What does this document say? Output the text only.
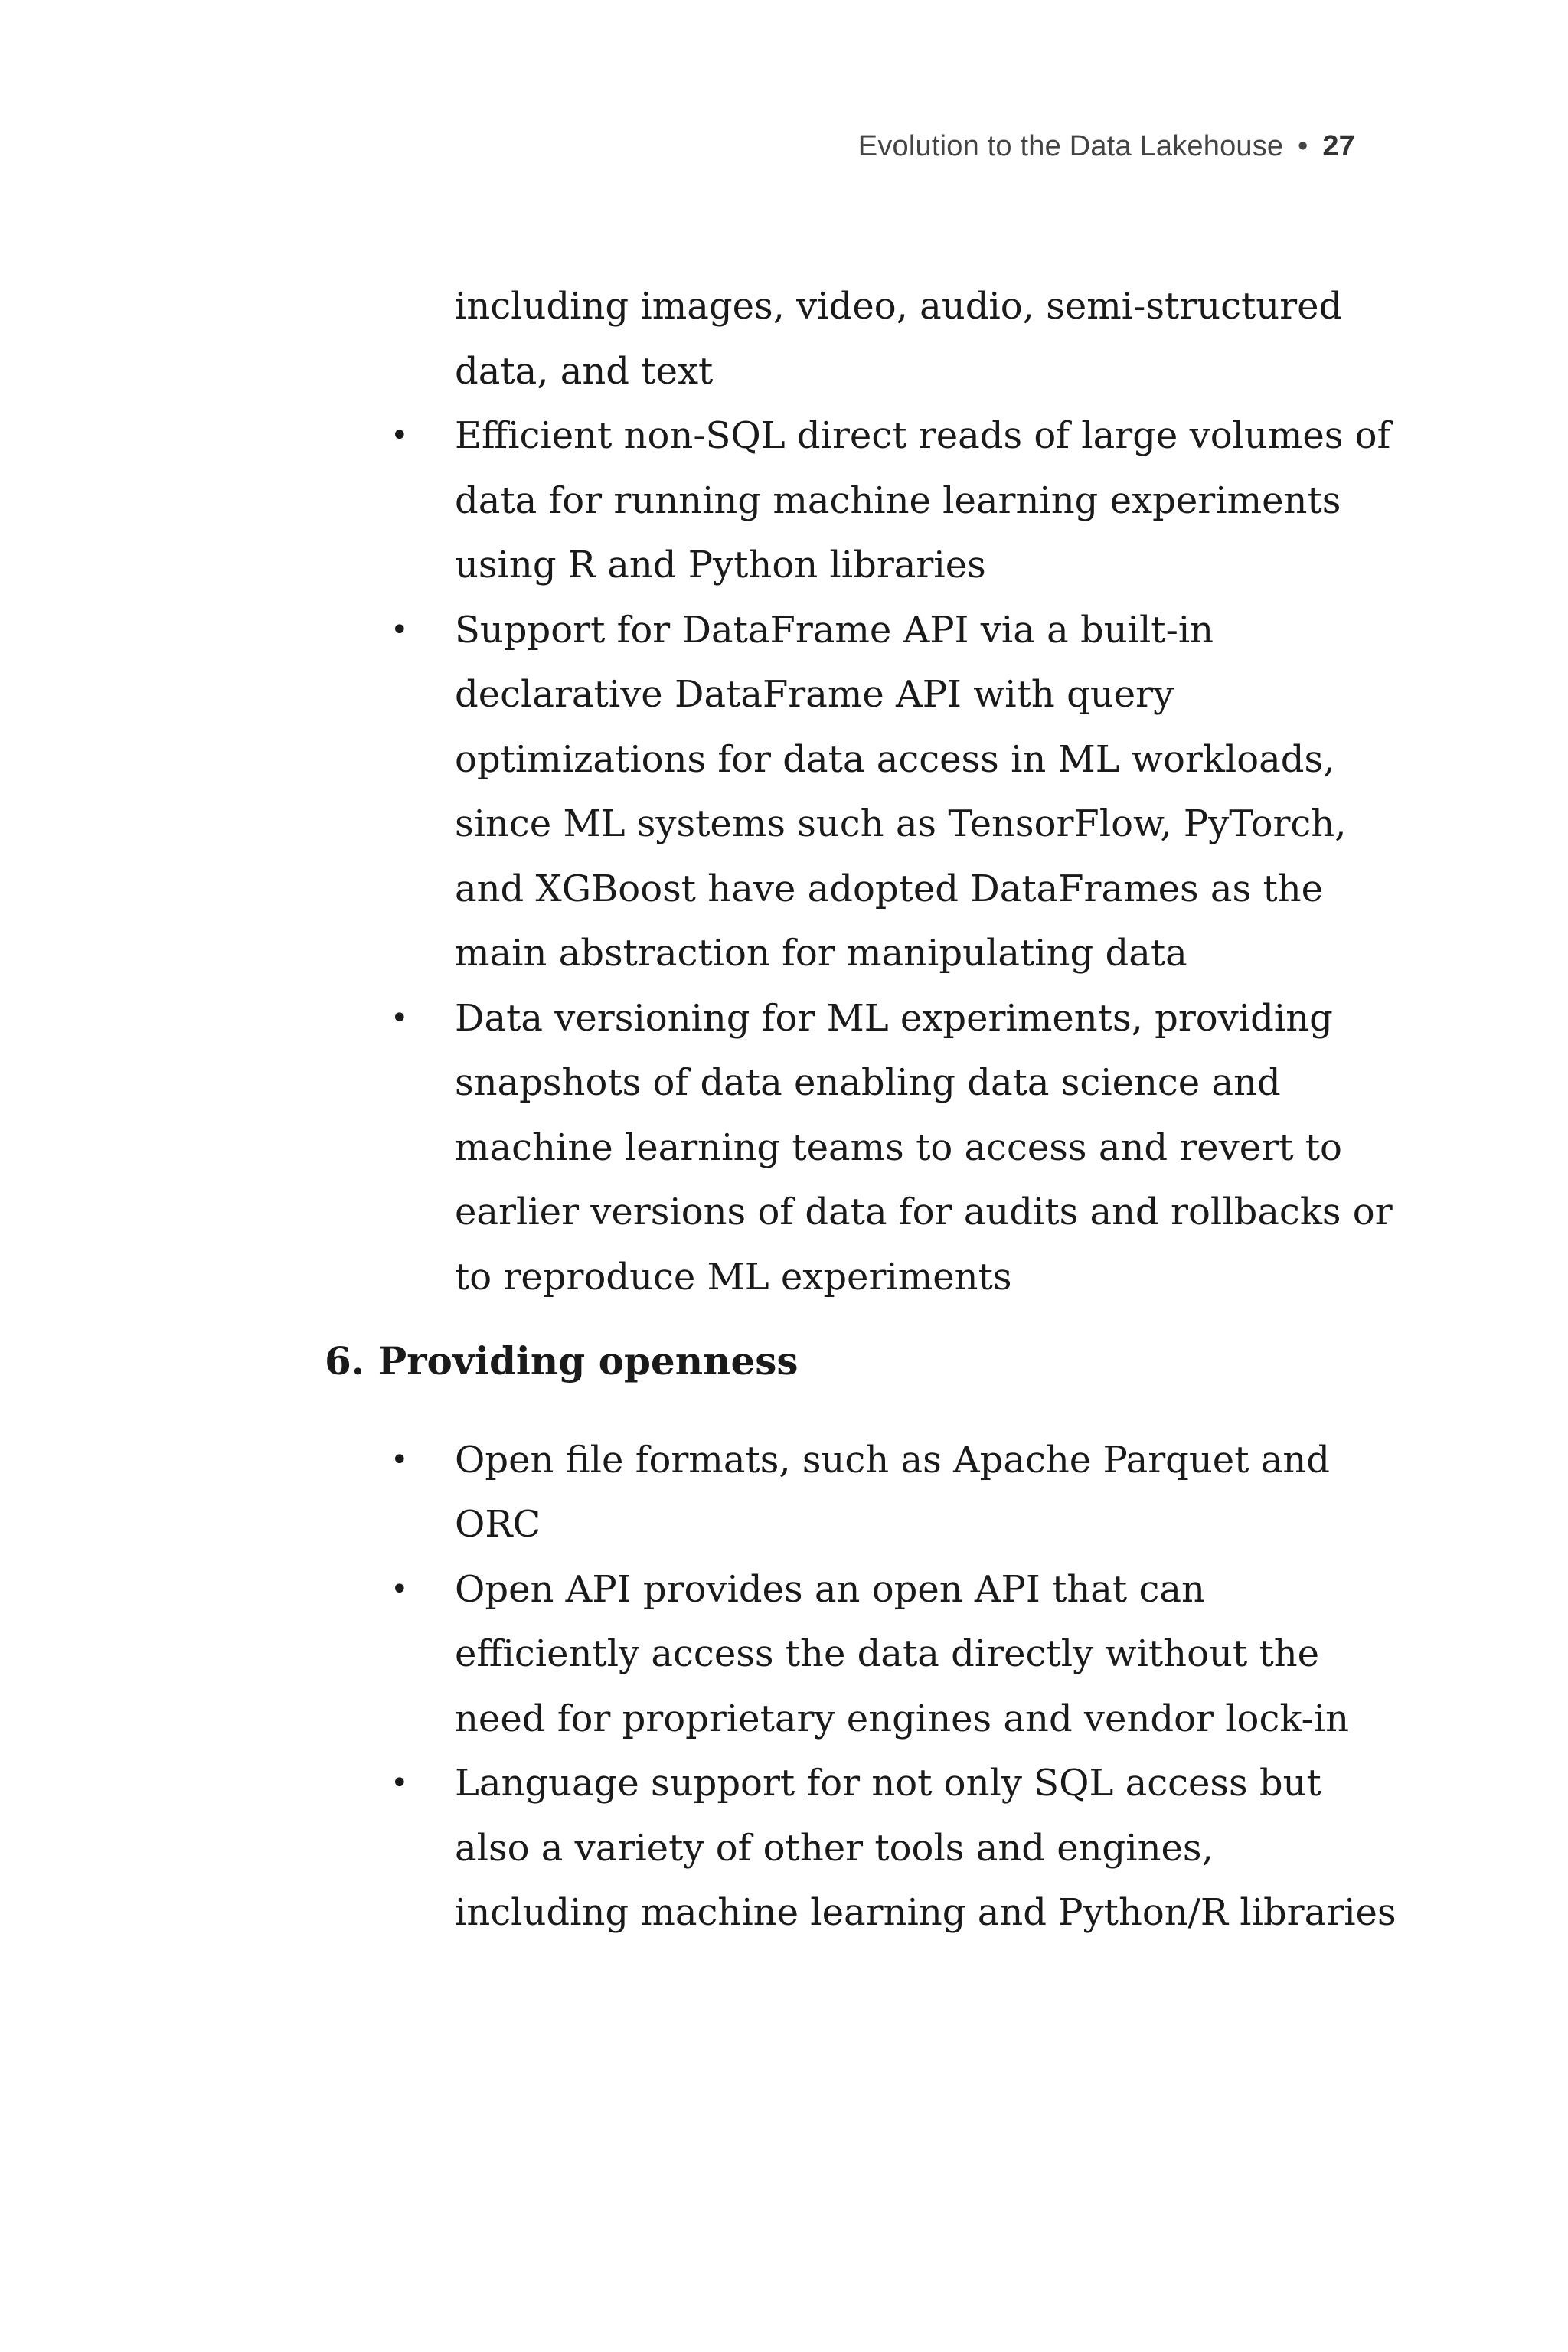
Evolution to the Data Lakehouse • 27

including images, video, audio, semi-structured data, and text

• Efficient non-SQL direct reads of large volumes of data for running machine learning experiments using R and Python libraries
• Support for DataFrame API via a built-in declarative DataFrame API with query optimizations for data access in ML workloads, since ML systems such as TensorFlow, PyTorch, and XGBoost have adopted DataFrames as the main abstraction for manipulating data
• Data versioning for ML experiments, providing snapshots of data enabling data science and machine learning teams to access and revert to earlier versions of data for audits and rollbacks or to reproduce ML experiments
6. Providing openness
• Open file formats, such as Apache Parquet and ORC
• Open API provides an open API that can efficiently access the data directly without the need for proprietary engines and vendor lock-in
• Language support for not only SQL access but also a variety of other tools and engines, including machine learning and Python/R libraries
